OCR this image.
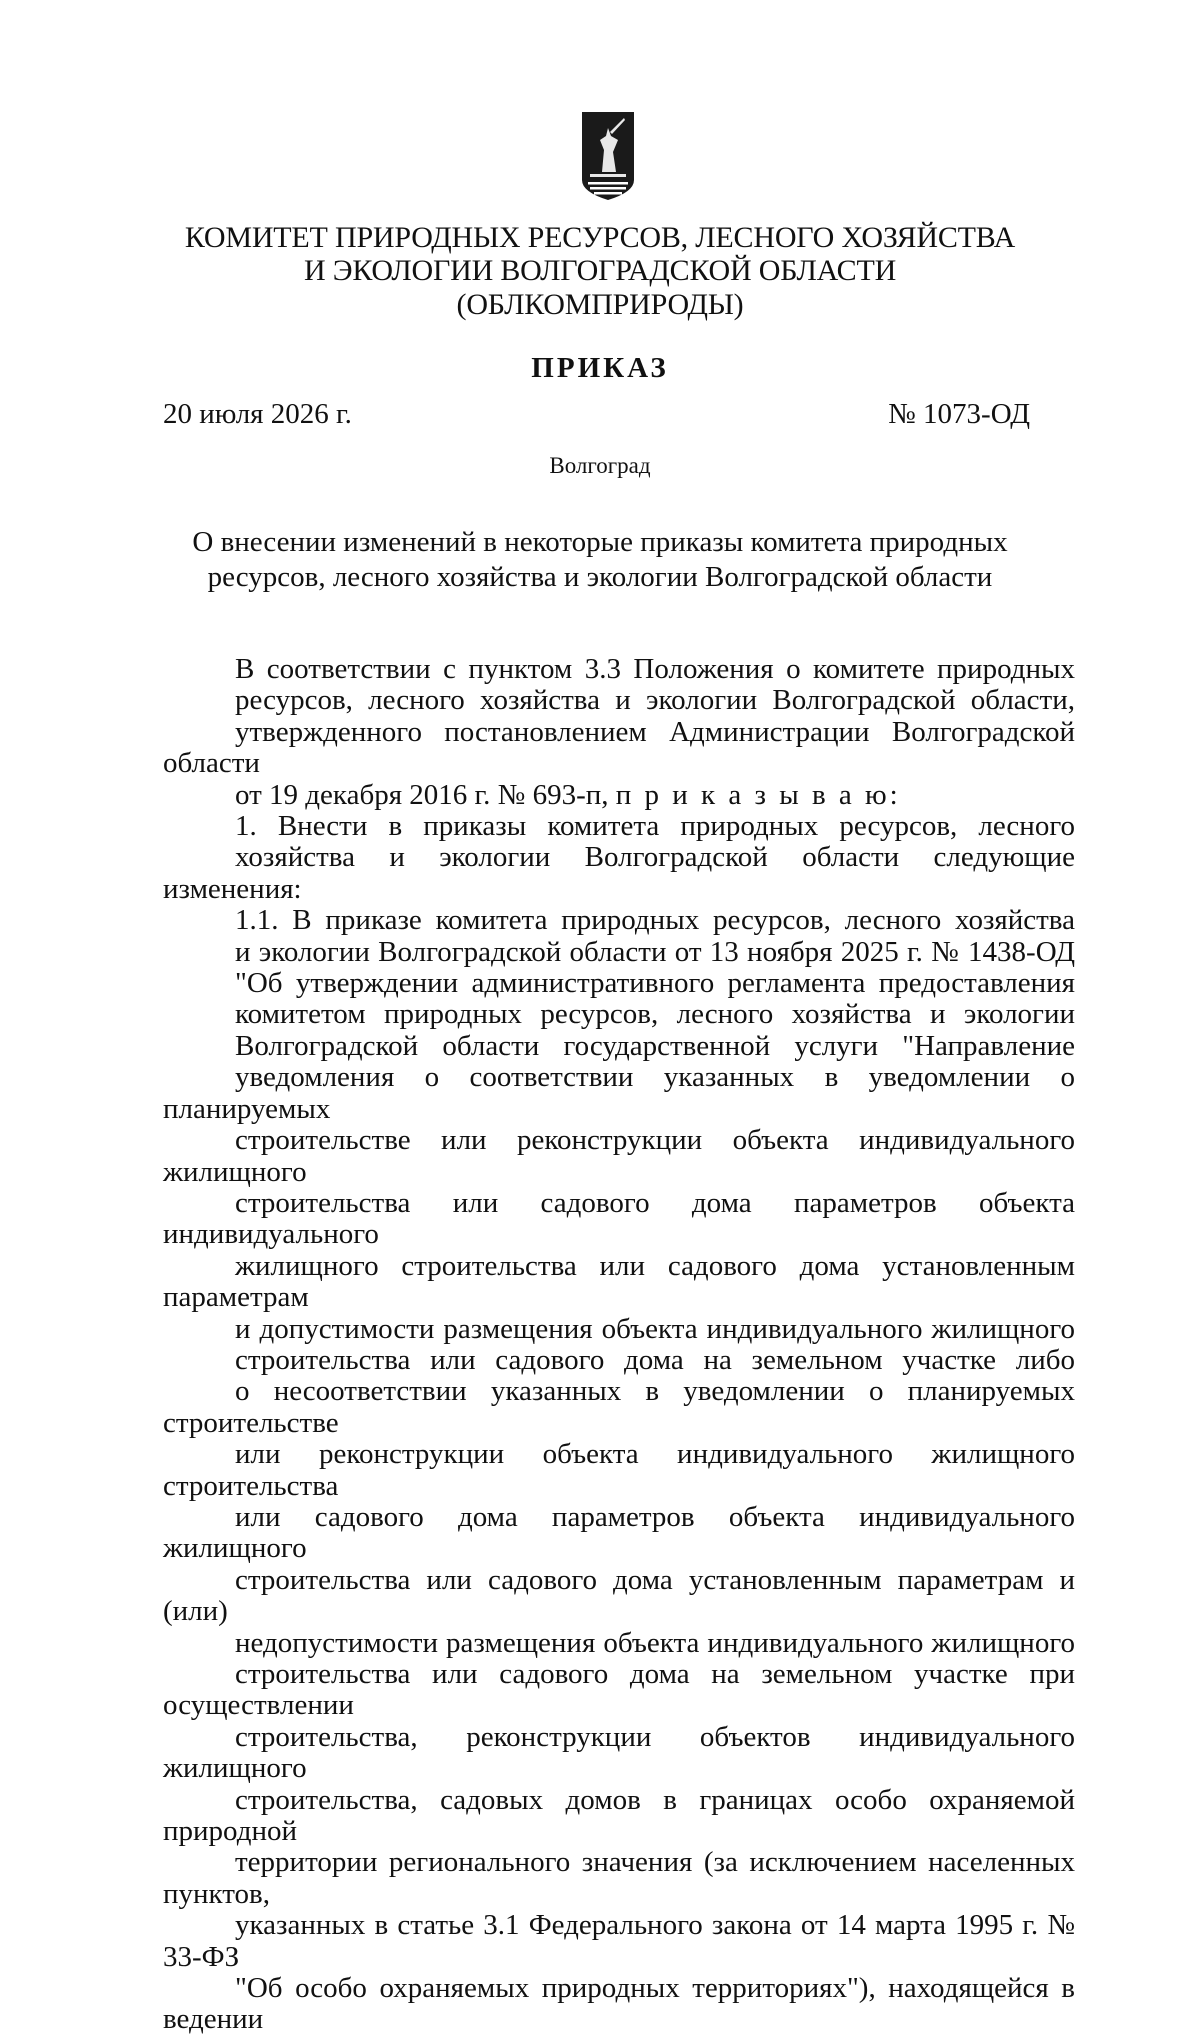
КОМИТЕТ ПРИРОДНЫХ РЕСУРСОВ, ЛЕСНОГО ХОЗЯЙСТВА
И ЭКОЛОГИИ ВОЛГОГРАДСКОЙ ОБЛАСТИ
(ОБЛКОМПРИРОДЫ)
ПРИКАЗ
20 июля 2026 г.	№ 1073-ОД
Волгоград
О внесении изменений в некоторые приказы комитета природных
ресурсов, лесного хозяйства и экологии Волгоградской области

В соответствии с пунктом 3.3 Положения о комитете природных
ресурсов, лесного хозяйства и экологии Волгоградской области,
утвержденного постановлением Администрации Волгоградской области
от 19 декабря 2016 г. № 693-п, п р и к а з ы в а ю:

1. Внести в приказы комитета природных ресурсов, лесного
хозяйства и экологии Волгоградской области следующие изменения:

1.1. В приказе комитета природных ресурсов, лесного хозяйства
и экологии Волгоградской области от 13 ноября 2025 г. № 1438-ОД
"Об утверждении административного регламента предоставления
комитетом природных ресурсов, лесного хозяйства и экологии
Волгоградской области государственной услуги "Направление
уведомления о соответствии указанных в уведомлении о планируемых
строительстве или реконструкции объекта индивидуального жилищного
строительства или садового дома параметров объекта индивидуального
жилищного строительства или садового дома установленным параметрам
и допустимости размещения объекта индивидуального жилищного
строительства или садового дома на земельном участке либо
о несоответствии указанных в уведомлении о планируемых строительстве
или реконструкции объекта индивидуального жилищного строительства
или садового дома параметров объекта индивидуального жилищного
строительства или садового дома установленным параметрам и (или)
недопустимости размещения объекта индивидуального жилищного
строительства или садового дома на земельном участке при осуществлении
строительства, реконструкции объектов индивидуального жилищного
строительства, садовых домов в границах особо охраняемой природной
территории регионального значения (за исключением населенных пунктов,
указанных в статье 3.1 Федерального закона от 14 марта 1995 г. № 33-ФЗ
"Об особо охраняемых природных территориях"), находящейся в ведении
